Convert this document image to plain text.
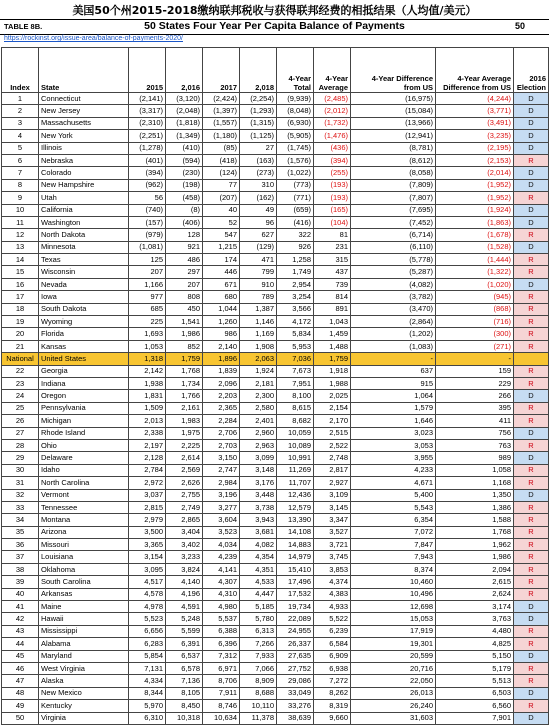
美国50个州2015-2018缴纳联邦税收与获得联邦经费的相抵结果（人均值/美元）
TABLE 8B.	50 States Four Year Per Capita Balance of Payments	50
https://rockinst.org/issue-area/balance-of-payments-2020/
Index	State	2015	2,016	2017	2,018	4-Year Total	4-Year Average	4-Year Difference from US	4-Year Average Difference from US	2016 Election
1	Connecticut	(2,141)	(3,120)	(2,424)	(2,254)	(9,939)	(2,485)	(16,975)	(4,244)	D
2	New Jersey	(3,317)	(2,048)	(1,397)	(1,293)	(8,048)	(2,012)	(15,084)	(3,771)	D
3	Massachusetts	(2,310)	(1,818)	(1,557)	(1,315)	(6,930)	(1,732)	(13,966)	(3,491)	D
4	New York	(2,251)	(1,349)	(1,180)	(1,125)	(5,905)	(1,476)	(12,941)	(3,235)	D
5	Illinois	(1,278)	(410)	(85)	27	(1,745)	(436)	(8,781)	(2,195)	D
6	Nebraska	(401)	(594)	(418)	(163)	(1,576)	(394)	(8,612)	(2,153)	R
7	Colorado	(394)	(230)	(124)	(273)	(1,022)	(255)	(8,058)	(2,014)	D
8	New Hampshire	(962)	(198)	77	310	(773)	(193)	(7,809)	(1,952)	D
9	Utah	56	(458)	(207)	(162)	(771)	(193)	(7,807)	(1,952)	R
10	California	(740)	(8)	40	49	(659)	(165)	(7,695)	(1,924)	D
11	Washington	(157)	(406)	52	96	(416)	(104)	(7,452)	(1,863)	D
12	North Dakota	(979)	128	547	627	322	81	(6,714)	(1,678)	R
13	Minnesota	(1,081)	921	1,215	(129)	926	231	(6,110)	(1,528)	D
14	Texas	125	486	174	471	1,258	315	(5,778)	(1,444)	R
15	Wisconsin	207	297	446	799	1,749	437	(5,287)	(1,322)	R
16	Nevada	1,166	207	671	910	2,954	739	(4,082)	(1,020)	D
17	Iowa	977	808	680	789	3,254	814	(3,782)	(945)	R
18	South Dakota	685	450	1,044	1,387	3,566	891	(3,470)	(868)	R
19	Wyoming	225	1,541	1,260	1,146	4,172	1,043	(2,864)	(716)	R
20	Florida	1,693	1,986	986	1,169	5,834	1,459	(1,202)	(300)	R
21	Kansas	1,053	852	2,140	1,908	5,953	1,488	(1,083)	(271)	R
National	United States	1,318	1,759	1,896	2,063	7,036	1,759	-	-	
22	Georgia	2,142	1,768	1,839	1,924	7,673	1,918	637	159	R
23	Indiana	1,938	1,734	2,096	2,181	7,951	1,988	915	229	R
24	Oregon	1,831	1,766	2,203	2,300	8,100	2,025	1,064	266	D
25	Pennsylvania	1,509	2,161	2,365	2,580	8,615	2,154	1,579	395	R
26	Michigan	2,013	1,983	2,284	2,401	8,682	2,170	1,646	411	R
27	Rhode Island	2,338	1,975	2,706	2,960	10,059	2,515	3,023	756	D
28	Ohio	2,197	2,225	2,703	2,963	10,089	2,522	3,053	763	R
29	Delaware	2,128	2,614	3,150	3,099	10,991	2,748	3,955	989	D
30	Idaho	2,784	2,569	2,747	3,148	11,269	2,817	4,233	1,058	R
31	North Carolina	2,972	2,626	2,984	3,176	11,707	2,927	4,671	1,168	R
32	Vermont	3,037	2,755	3,196	3,448	12,436	3,109	5,400	1,350	D
33	Tennessee	2,815	2,749	3,277	3,738	12,579	3,145	5,543	1,386	R
34	Montana	2,979	2,865	3,604	3,943	13,390	3,347	6,354	1,588	R
35	Arizona	3,500	3,404	3,523	3,681	14,108	3,527	7,072	1,768	R
36	Missouri	3,365	3,402	4,034	4,082	14,883	3,721	7,847	1,962	R
37	Louisiana	3,154	3,233	4,239	4,354	14,979	3,745	7,943	1,986	R
38	Oklahoma	3,095	3,824	4,141	4,351	15,410	3,853	8,374	2,094	R
39	South Carolina	4,517	4,140	4,307	4,533	17,496	4,374	10,460	2,615	R
40	Arkansas	4,578	4,196	4,310	4,447	17,532	4,383	10,496	2,624	R
41	Maine	4,978	4,591	4,980	5,185	19,734	4,933	12,698	3,174	D
42	Hawaii	5,523	5,248	5,537	5,780	22,089	5,522	15,053	3,763	D
43	Mississippi	6,656	5,599	6,388	6,313	24,955	6,239	17,919	4,480	R
44	Alabama	6,283	6,391	6,396	7,266	26,337	6,584	19,301	4,825	R
45	Maryland	5,854	6,537	7,312	7,933	27,635	6,909	20,599	5,150	D
46	West Virginia	7,131	6,578	6,971	7,066	27,752	6,938	20,716	5,179	R
47	Alaska	4,334	7,136	8,706	8,909	29,086	7,272	22,050	5,513	R
48	New Mexico	8,344	8,105	7,911	8,688	33,049	8,262	26,013	6,503	D
49	Kentucky	5,970	8,450	8,746	10,110	33,276	8,319	26,240	6,560	R
50	Virginia	6,310	10,318	10,634	11,378	38,639	9,660	31,603	7,901	D
